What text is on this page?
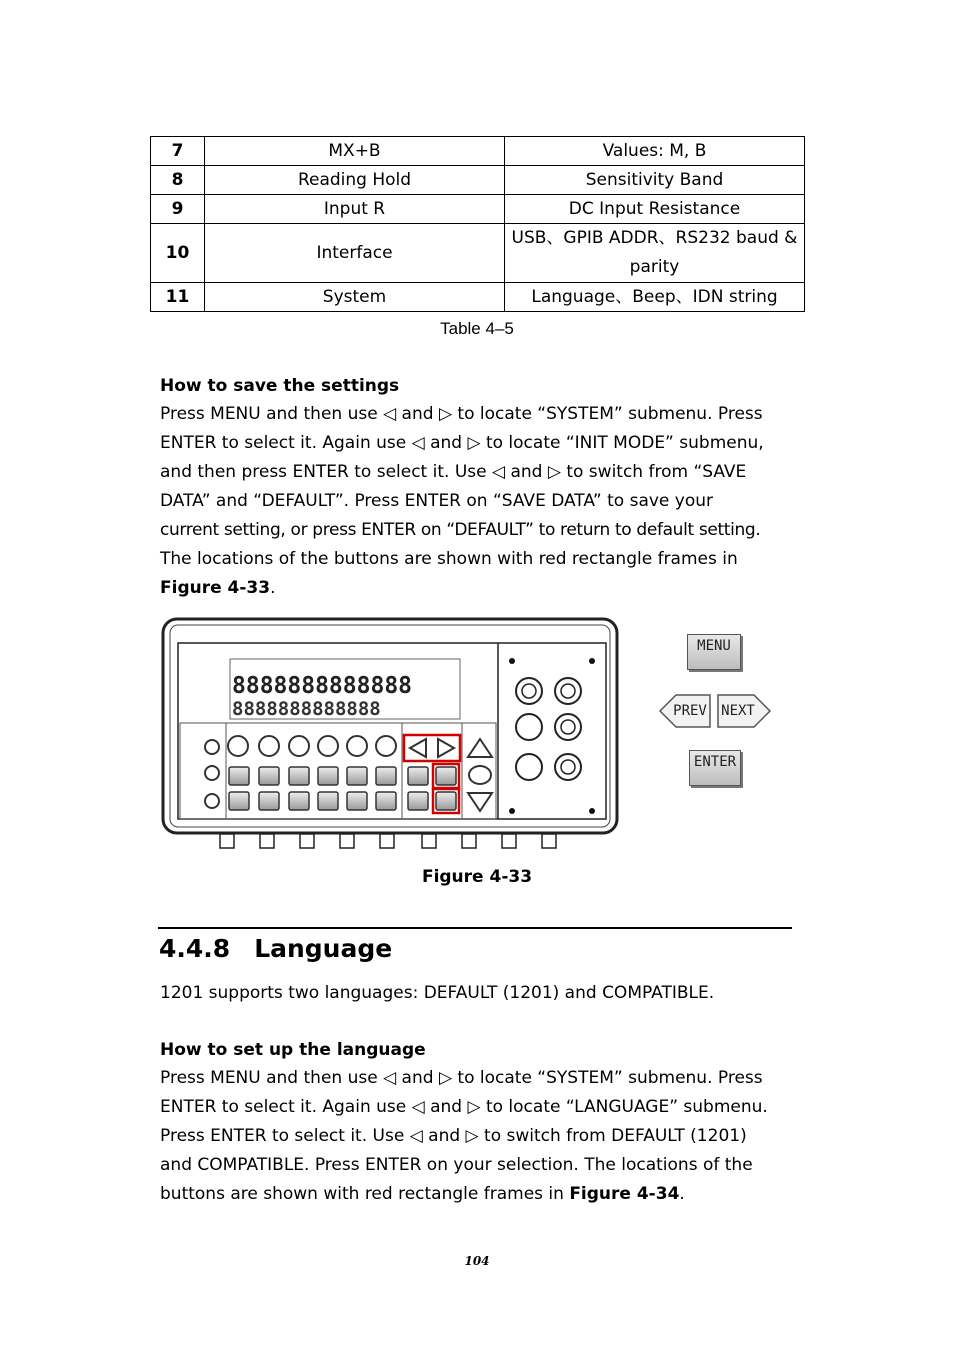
7	MX+B	Values: M, B
8	Reading Hold	Sensitivity Band
9	Input R	DC Input Resistance
10	Interface	USB、GPIB ADDR、RS232 baud &
parity

11	System	Language、Beep、IDN string
Table 4–5
How to save the settings

Press MENU and then use ◁ and ▷ to locate “SYSTEM” submenu. Press

ENTER to select it. Again use ◁ and ▷ to locate “INIT MODE” submenu,

and then press ENTER to select it. Use ◁ and ▷ to switch from “SAVE

DATA” and “DEFAULT”. Press ENTER on “SAVE DATA” to save your

current setting, or press ENTER on “DEFAULT” to return to default setting.

The locations of the buttons are shown with red rectangle frames in

Figure 4-33.

8888888888888
8888888888888
MENU
PREV NEXT
ENTER
Figure 4-33
4.4.8 Language
1201 supports two languages: DEFAULT (1201) and COMPATIBLE.
How to set up the language

Press MENU and then use ◁ and ▷ to locate “SYSTEM” submenu. Press

ENTER to select it. Again use ◁ and ▷ to locate “LANGUAGE” submenu.

Press ENTER to select it. Use ◁ and ▷ to switch from DEFAULT (1201)

and COMPATIBLE. Press ENTER on your selection. The locations of the

buttons are shown with red rectangle frames in Figure 4-34.

104
